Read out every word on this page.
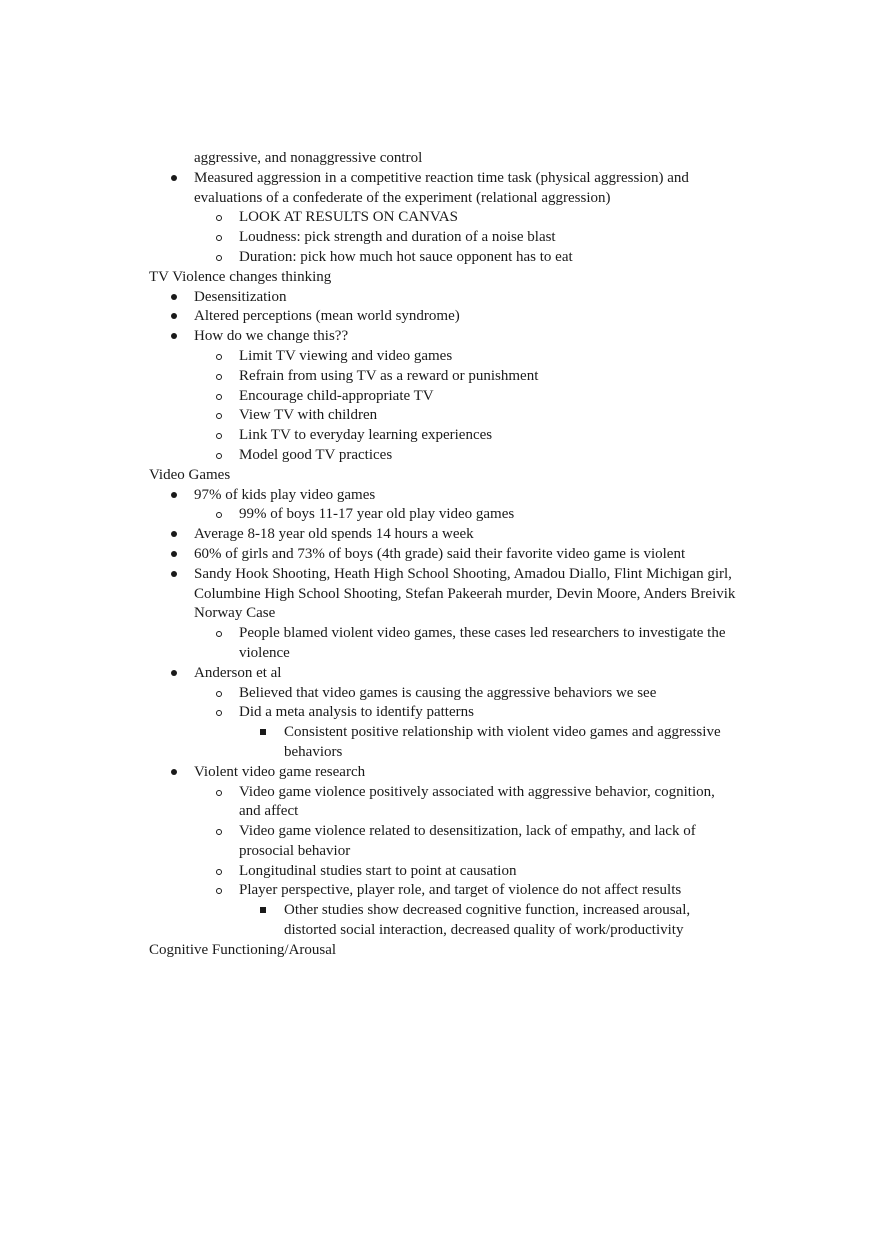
aggressive, and nonaggressive control
Measured aggression in a competitive reaction time task (physical aggression) and evaluations of a confederate of the experiment (relational aggression)
LOOK AT RESULTS ON CANVAS
Loudness: pick strength and duration of a noise blast
Duration: pick how much hot sauce opponent has to eat
TV Violence changes thinking
Desensitization
Altered perceptions (mean world syndrome)
How do we change this??
Limit TV viewing and video games
Refrain from using TV as a reward or punishment
Encourage child-appropriate TV
View TV with children
Link TV to everyday learning experiences
Model good TV practices
Video Games
97% of kids play video games
99% of boys 11-17 year old play video games
Average 8-18 year old spends 14 hours a week
60% of girls and 73% of boys (4th grade) said their favorite video game is violent
Sandy Hook Shooting, Heath High School Shooting, Amadou Diallo, Flint Michigan girl, Columbine High School Shooting, Stefan Pakeerah murder, Devin Moore, Anders Breivik Norway Case
People blamed violent video games, these cases led researchers to investigate the violence
Anderson et al
Believed that video games is causing the aggressive behaviors we see
Did a meta analysis to identify patterns
Consistent positive relationship with violent video games and aggressive behaviors
Violent video game research
Video game violence positively associated with aggressive behavior, cognition, and affect
Video game violence related to desensitization, lack of empathy, and lack of prosocial behavior
Longitudinal studies start to point at causation
Player perspective, player role, and target of violence do not affect results
Other studies show decreased cognitive function, increased arousal, distorted social interaction, decreased quality of work/productivity
Cognitive Functioning/Arousal
